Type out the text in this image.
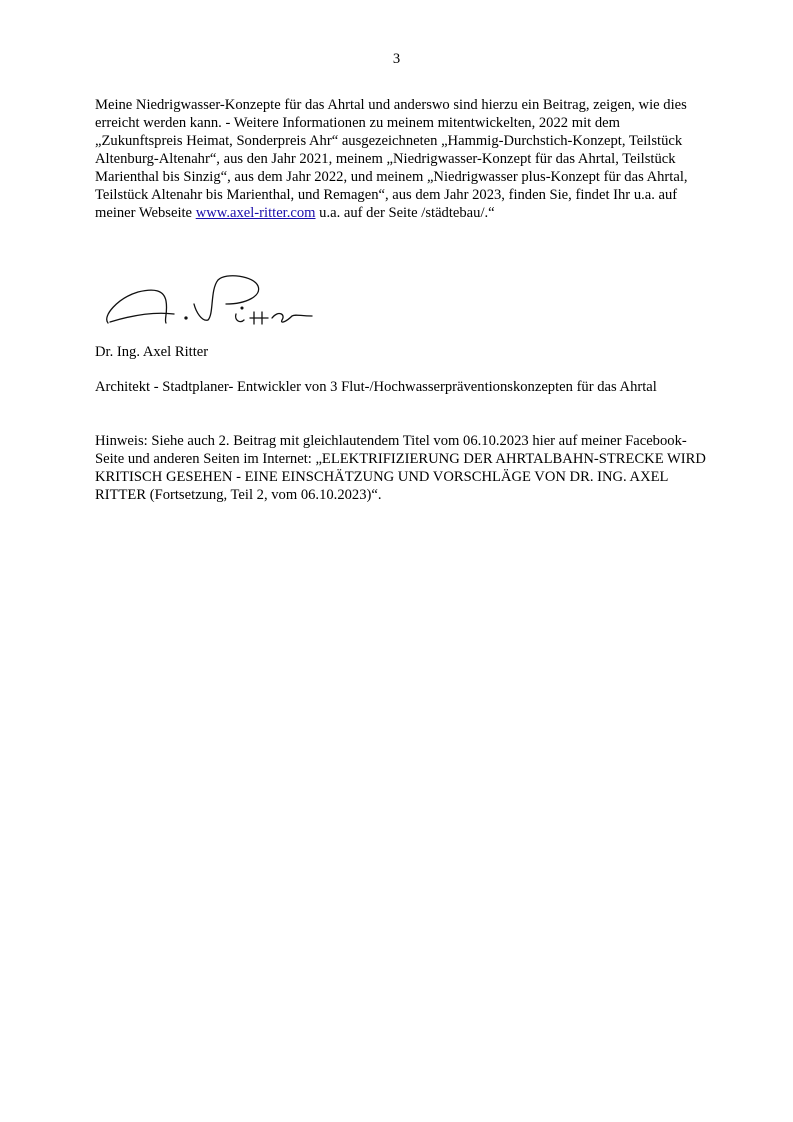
3

Meine Niedrigwasser-Konzepte für das Ahrtal und anderswo sind hierzu ein Beitrag, zeigen, wie dies erreicht werden kann. - Weitere Informationen zu meinem mitentwickelten, 2022 mit dem „Zukunftspreis Heimat, Sonderpreis Ahr“ ausgezeichneten „Hammig-Durchstich-Konzept, Teilstück Altenburg-Altenahr“, aus den Jahr 2021, meinem „Niedrigwasser-Konzept für das Ahrtal, Teilstück Marienthal bis Sinzig“, aus dem Jahr 2022, und meinem „Niedrigwasser plus-Konzept für das Ahrtal, Teilstück Altenahr bis Marienthal, und Remagen“, aus dem Jahr 2023, finden Sie, findet Ihr u.a. auf meiner Webseite www.axel-ritter.com u.a. auf der Seite /städtebau/.“

Dr. Ing. Axel Ritter

Architekt - Stadtplaner- Entwickler von 3 Flut-/Hochwasserpräventionskonzepten für das Ahrtal

Hinweis: Siehe auch 2. Beitrag mit gleichlautendem Titel vom 06.10.2023 hier auf meiner Facebook-Seite und anderen Seiten im Internet: „ELEKTRIFIZIERUNG DER AHRTALBAHN-STRECKE WIRD KRITISCH GESEHEN - EINE EINSCHÄTZUNG UND VORSCHLÄGE VON DR. ING. AXEL RITTER (Fortsetzung, Teil 2, vom 06.10.2023)“.
